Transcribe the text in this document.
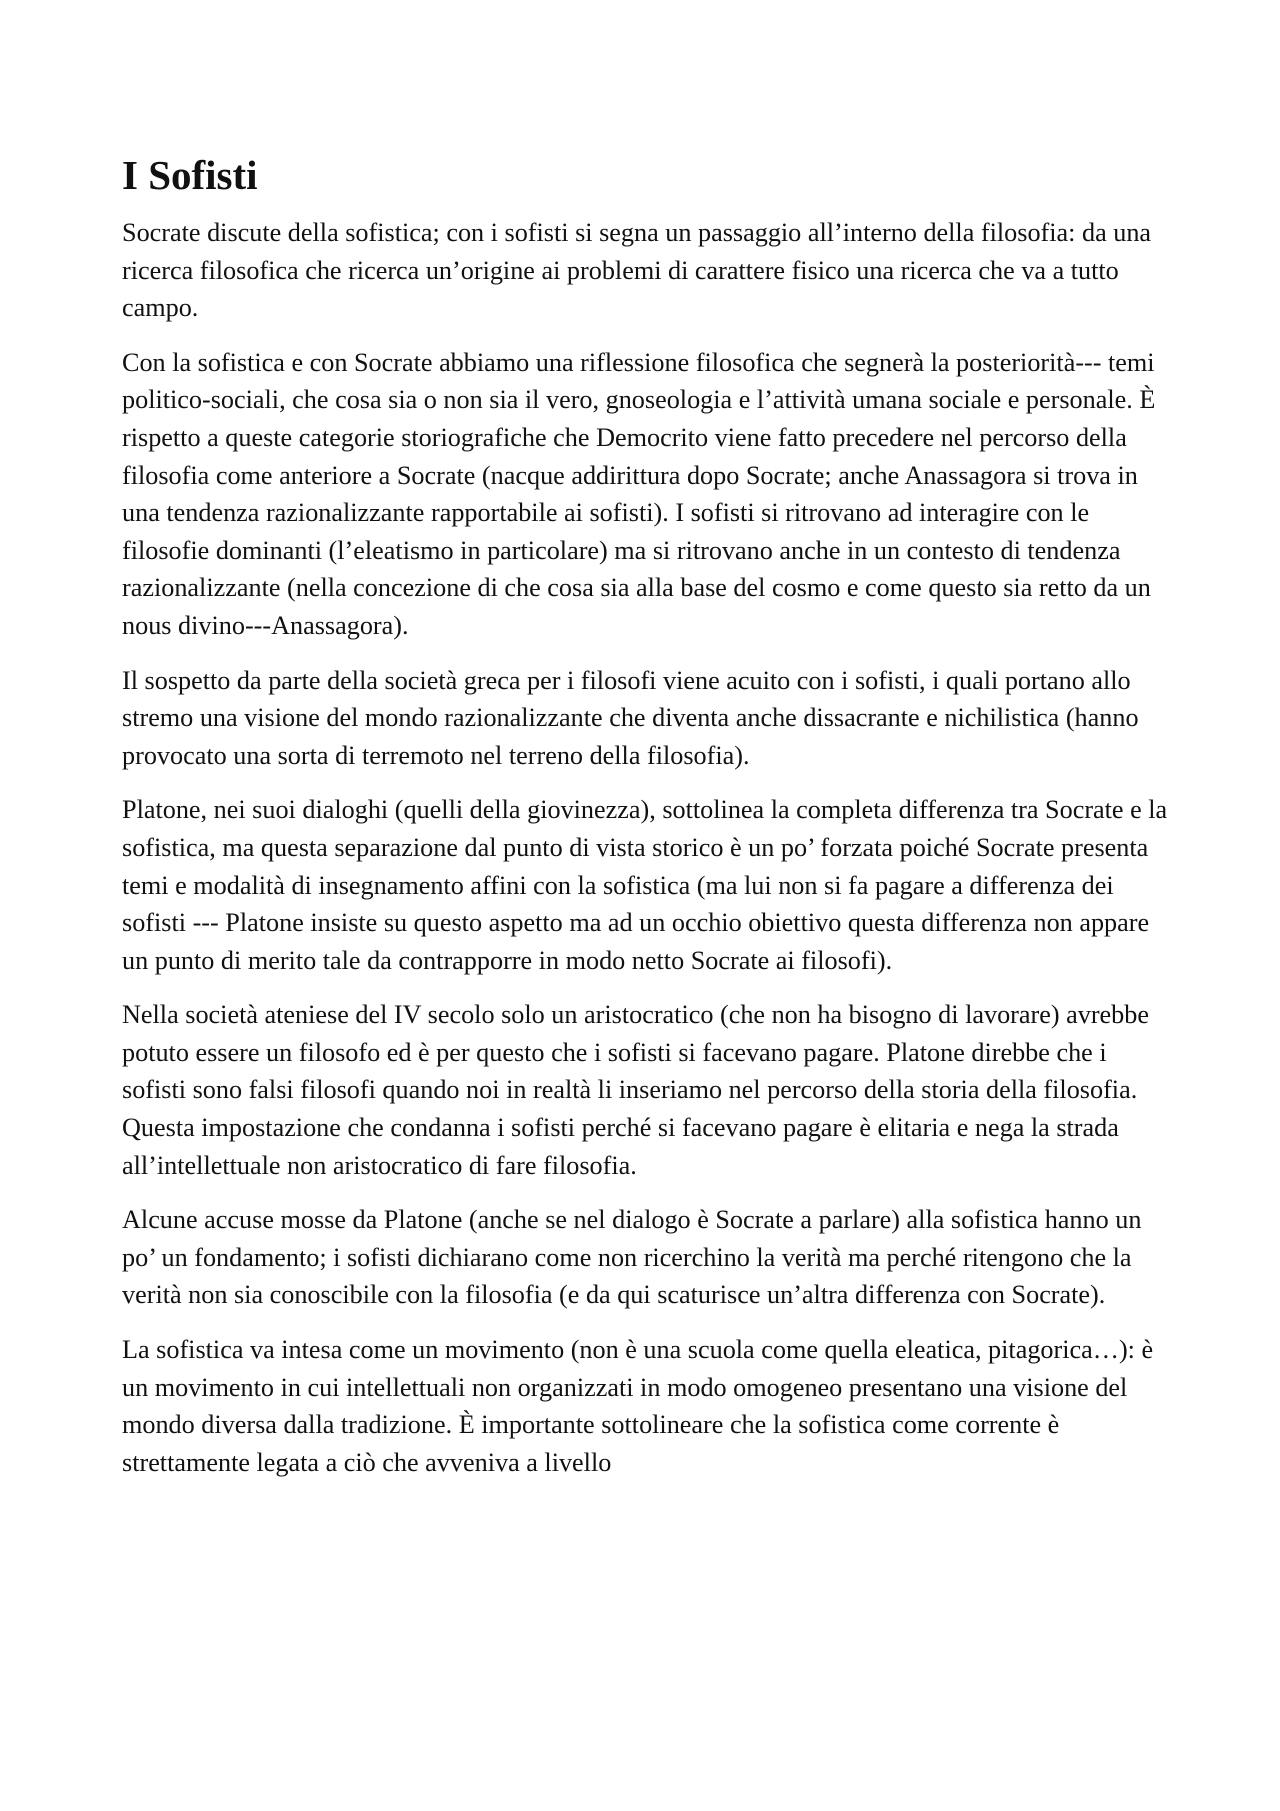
I Sofisti

Socrate discute della sofistica; con i sofisti si segna un passaggio all’interno della filosofia: da una ricerca filosofica che ricerca un’origine ai problemi di carattere fisico una ricerca che va a tutto campo.

Con la sofistica e con Socrate abbiamo una riflessione filosofica che segnerà la posteriorità--- temi politico-sociali, che cosa sia o non sia il vero, gnoseologia e l’attività umana sociale e personale. È rispetto a queste categorie storiografiche che Democrito viene fatto precedere nel percorso della filosofia come anteriore a Socrate (nacque addirittura dopo Socrate; anche Anassagora si trova in una tendenza razionalizzante rapportabile ai sofisti). I sofisti si ritrovano ad interagire con le filosofie dominanti (l’eleatismo in particolare) ma si ritrovano anche in un contesto di tendenza razionalizzante (nella concezione di che cosa sia alla base del cosmo e come questo sia retto da un nous divino---Anassagora).

Il sospetto da parte della società greca per i filosofi viene acuito con i sofisti, i quali portano allo stremo una visione del mondo razionalizzante che diventa anche dissacrante e nichilistica (hanno provocato una sorta di terremoto nel terreno della filosofia).

Platone, nei suoi dialoghi (quelli della giovinezza), sottolinea la completa differenza tra Socrate e la sofistica, ma questa separazione dal punto di vista storico è un po’ forzata poiché Socrate presenta temi e modalità di insegnamento affini con la sofistica (ma lui non si fa pagare a differenza dei sofisti --- Platone insiste su questo aspetto ma ad un occhio obiettivo questa differenza non appare un punto di merito tale da contrapporre in modo netto Socrate ai filosofi).

Nella società ateniese del IV secolo solo un aristocratico (che non ha bisogno di lavorare) avrebbe potuto essere un filosofo ed è per questo che i sofisti si facevano pagare. Platone direbbe che i sofisti sono falsi filosofi quando noi in realtà li inseriamo nel percorso della storia della filosofia. Questa impostazione che condanna i sofisti perché si facevano pagare è elitaria e nega la strada all’intellettuale non aristocratico di fare filosofia.

Alcune accuse mosse da Platone (anche se nel dialogo è Socrate a parlare) alla sofistica hanno un po’ un fondamento; i sofisti dichiarano come non ricerchino la verità ma perché ritengono che la verità non sia conoscibile con la filosofia (e da qui scaturisce un’altra differenza con Socrate).

La sofistica va intesa come un movimento (non è una scuola come quella eleatica, pitagorica…): è un movimento in cui intellettuali non organizzati in modo omogeneo presentano una visione del mondo diversa dalla tradizione. È importante sottolineare che la sofistica come corrente è strettamente legata a ciò che avveniva a livello
